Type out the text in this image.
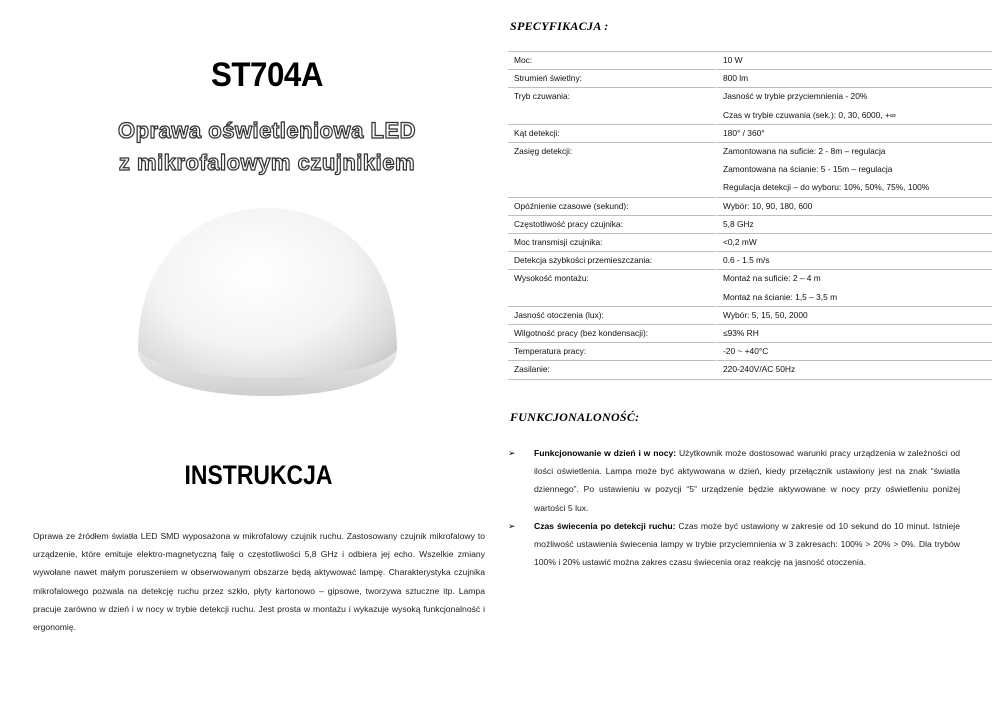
ST704A
Oprawa oświetleniowa LED
z mikrofalowym czujnikiem
INSTRUKCJA
Oprawa ze źródłem światła LED SMD wyposażona w mikrofalowy czujnik ruchu. Zastosowany czujnik mikrofalowy to urządzenie, które emituje elektro-magnetyczną falę o częstotliwości 5,8 GHz i odbiera jej echo. Wszelkie zmiany wywołane nawet małym poruszeniem w obserwowanym obszarze będą aktywować lampę. Charakterystyka czujnika mikrofalowego pozwala na detekcję ruchu przez szkło, płyty kartonowo – gipsowe, tworzywa sztuczne itp. Lampa pracuje zarówno w dzień i w nocy w trybie detekcji ruchu. Jest prosta w montażu i wykazuje wysoką funkcjonalność i ergonomię.
SPECYFIKACJA :
Moc:	10 W
Strumień świetlny:	800 lm
Tryb czuwania:	Jasność w trybie przyciemnienia - 20%
	Czas w trybie czuwania (sek.): 0, 30, 6000, +∞
Kąt detekcji:	180° / 360°
Zasięg detekcji:	Zamontowana na suficie: 2 - 8m – regulacja
	Zamontowana na ścianie: 5 - 15m – regulacja
	Regulacja detekcji – do wyboru: 10%, 50%, 75%, 100%
Opóźnienie czasowe (sekund):	Wybór: 10, 90, 180, 600
Częstotliwość pracy czujnika:	5,8 GHz
Moc transmisji czujnika:	<0,2 mW
Detekcja szybkości przemieszczania:	0.6 - 1.5 m/s
Wysokość montażu:	Montaż na suficie: 2 – 4 m
	Montaż na ścianie: 1,5 – 3,5 m
Jasność otoczenia (lux):	Wybór: 5, 15, 50, 2000
Wilgotność pracy (bez kondensacji):	≤93% RH
Temperatura pracy:	-20 ~ +40°C
Zasilanie:	220-240V/AC 50Hz
FUNKCJONALONOŚĆ:
➢ Funkcjonowanie w dzień i w nocy: Użytkownik może dostosować warunki pracy urządzenia w zależności od ilości oświetlenia. Lampa może być aktywowana w dzień, kiedy przełącznik ustawiony jest na znak “światła dziennego”. Po ustawieniu w pozycji “5” urządzenie będzie aktywowane w nocy przy oświetleniu poniżej wartości 5 lux.
➢ Czas świecenia po detekcji ruchu: Czas może być ustawiony w zakresie od 10 sekund do 10 minut. Istnieje możliwość ustawienia świecenia lampy w trybie przyciemnienia w 3 zakresach: 100% > 20% > 0%. Dla trybów 100% i 20% ustawić można zakres czasu świecenia oraz reakcję na jasność otoczenia.
